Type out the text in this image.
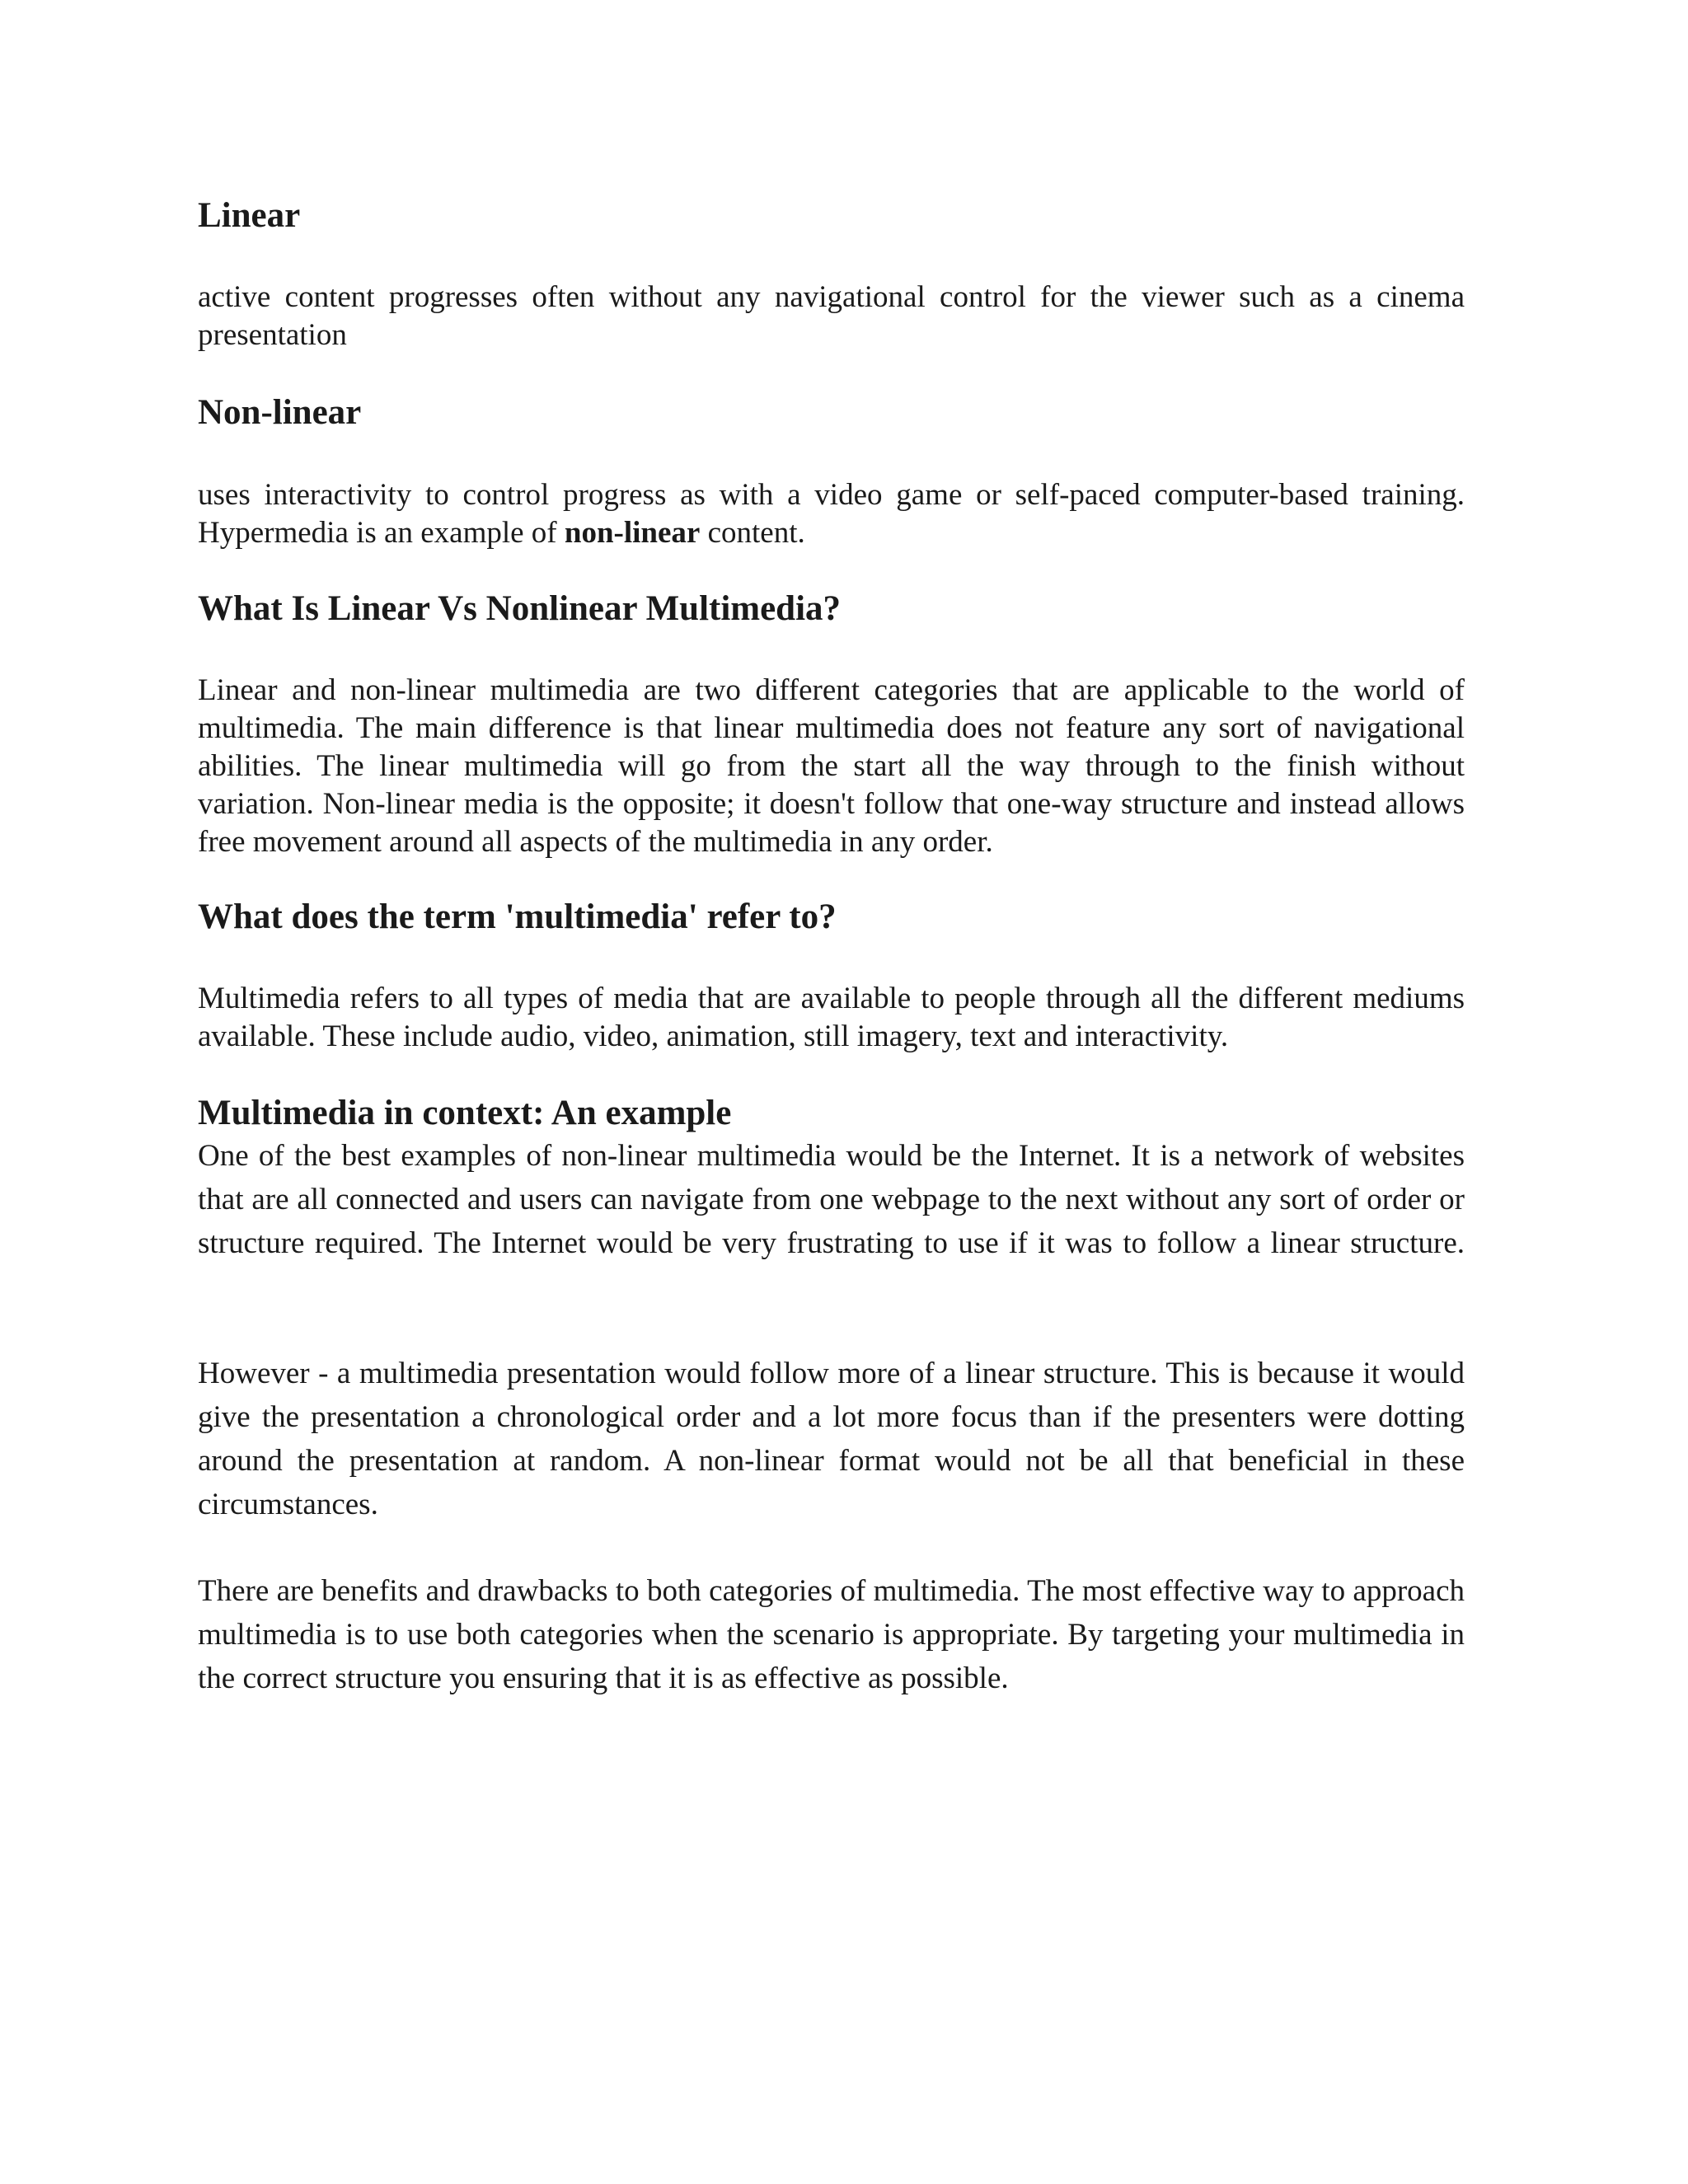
Linear

active content progresses often without any navigational control for the viewer such as a cinema presentation

Non-linear

uses interactivity to control progress as with a video game or self-paced computer-based training. Hypermedia is an example of non-linear content.

What Is Linear Vs Nonlinear Multimedia?

Linear and non-linear multimedia are two different categories that are applicable to the world of multimedia. The main difference is that linear multimedia does not feature any sort of navigational abilities. The linear multimedia will go from the start all the way through to the finish without variation. Non-linear media is the opposite; it doesn't follow that one-way structure and instead allows free movement around all aspects of the multimedia in any order.

What does the term 'multimedia' refer to?

Multimedia refers to all types of media that are available to people through all the different mediums available. These include audio, video, animation, still imagery, text and interactivity.

Multimedia in context: An example

One of the best examples of non-linear multimedia would be the Internet. It is a network of websites that are all connected and users can navigate from one webpage to the next without any sort of order or structure required. The Internet would be very frustrating to use if it was to follow a linear structure.

However - a multimedia presentation would follow more of a linear structure. This is because it would give the presentation a chronological order and a lot more focus than if the presenters were dotting around the presentation at random. A non-linear format would not be all that beneficial in these circumstances.

There are benefits and drawbacks to both categories of multimedia. The most effective way to approach multimedia is to use both categories when the scenario is appropriate. By targeting your multimedia in the correct structure you ensuring that it is as effective as possible.
